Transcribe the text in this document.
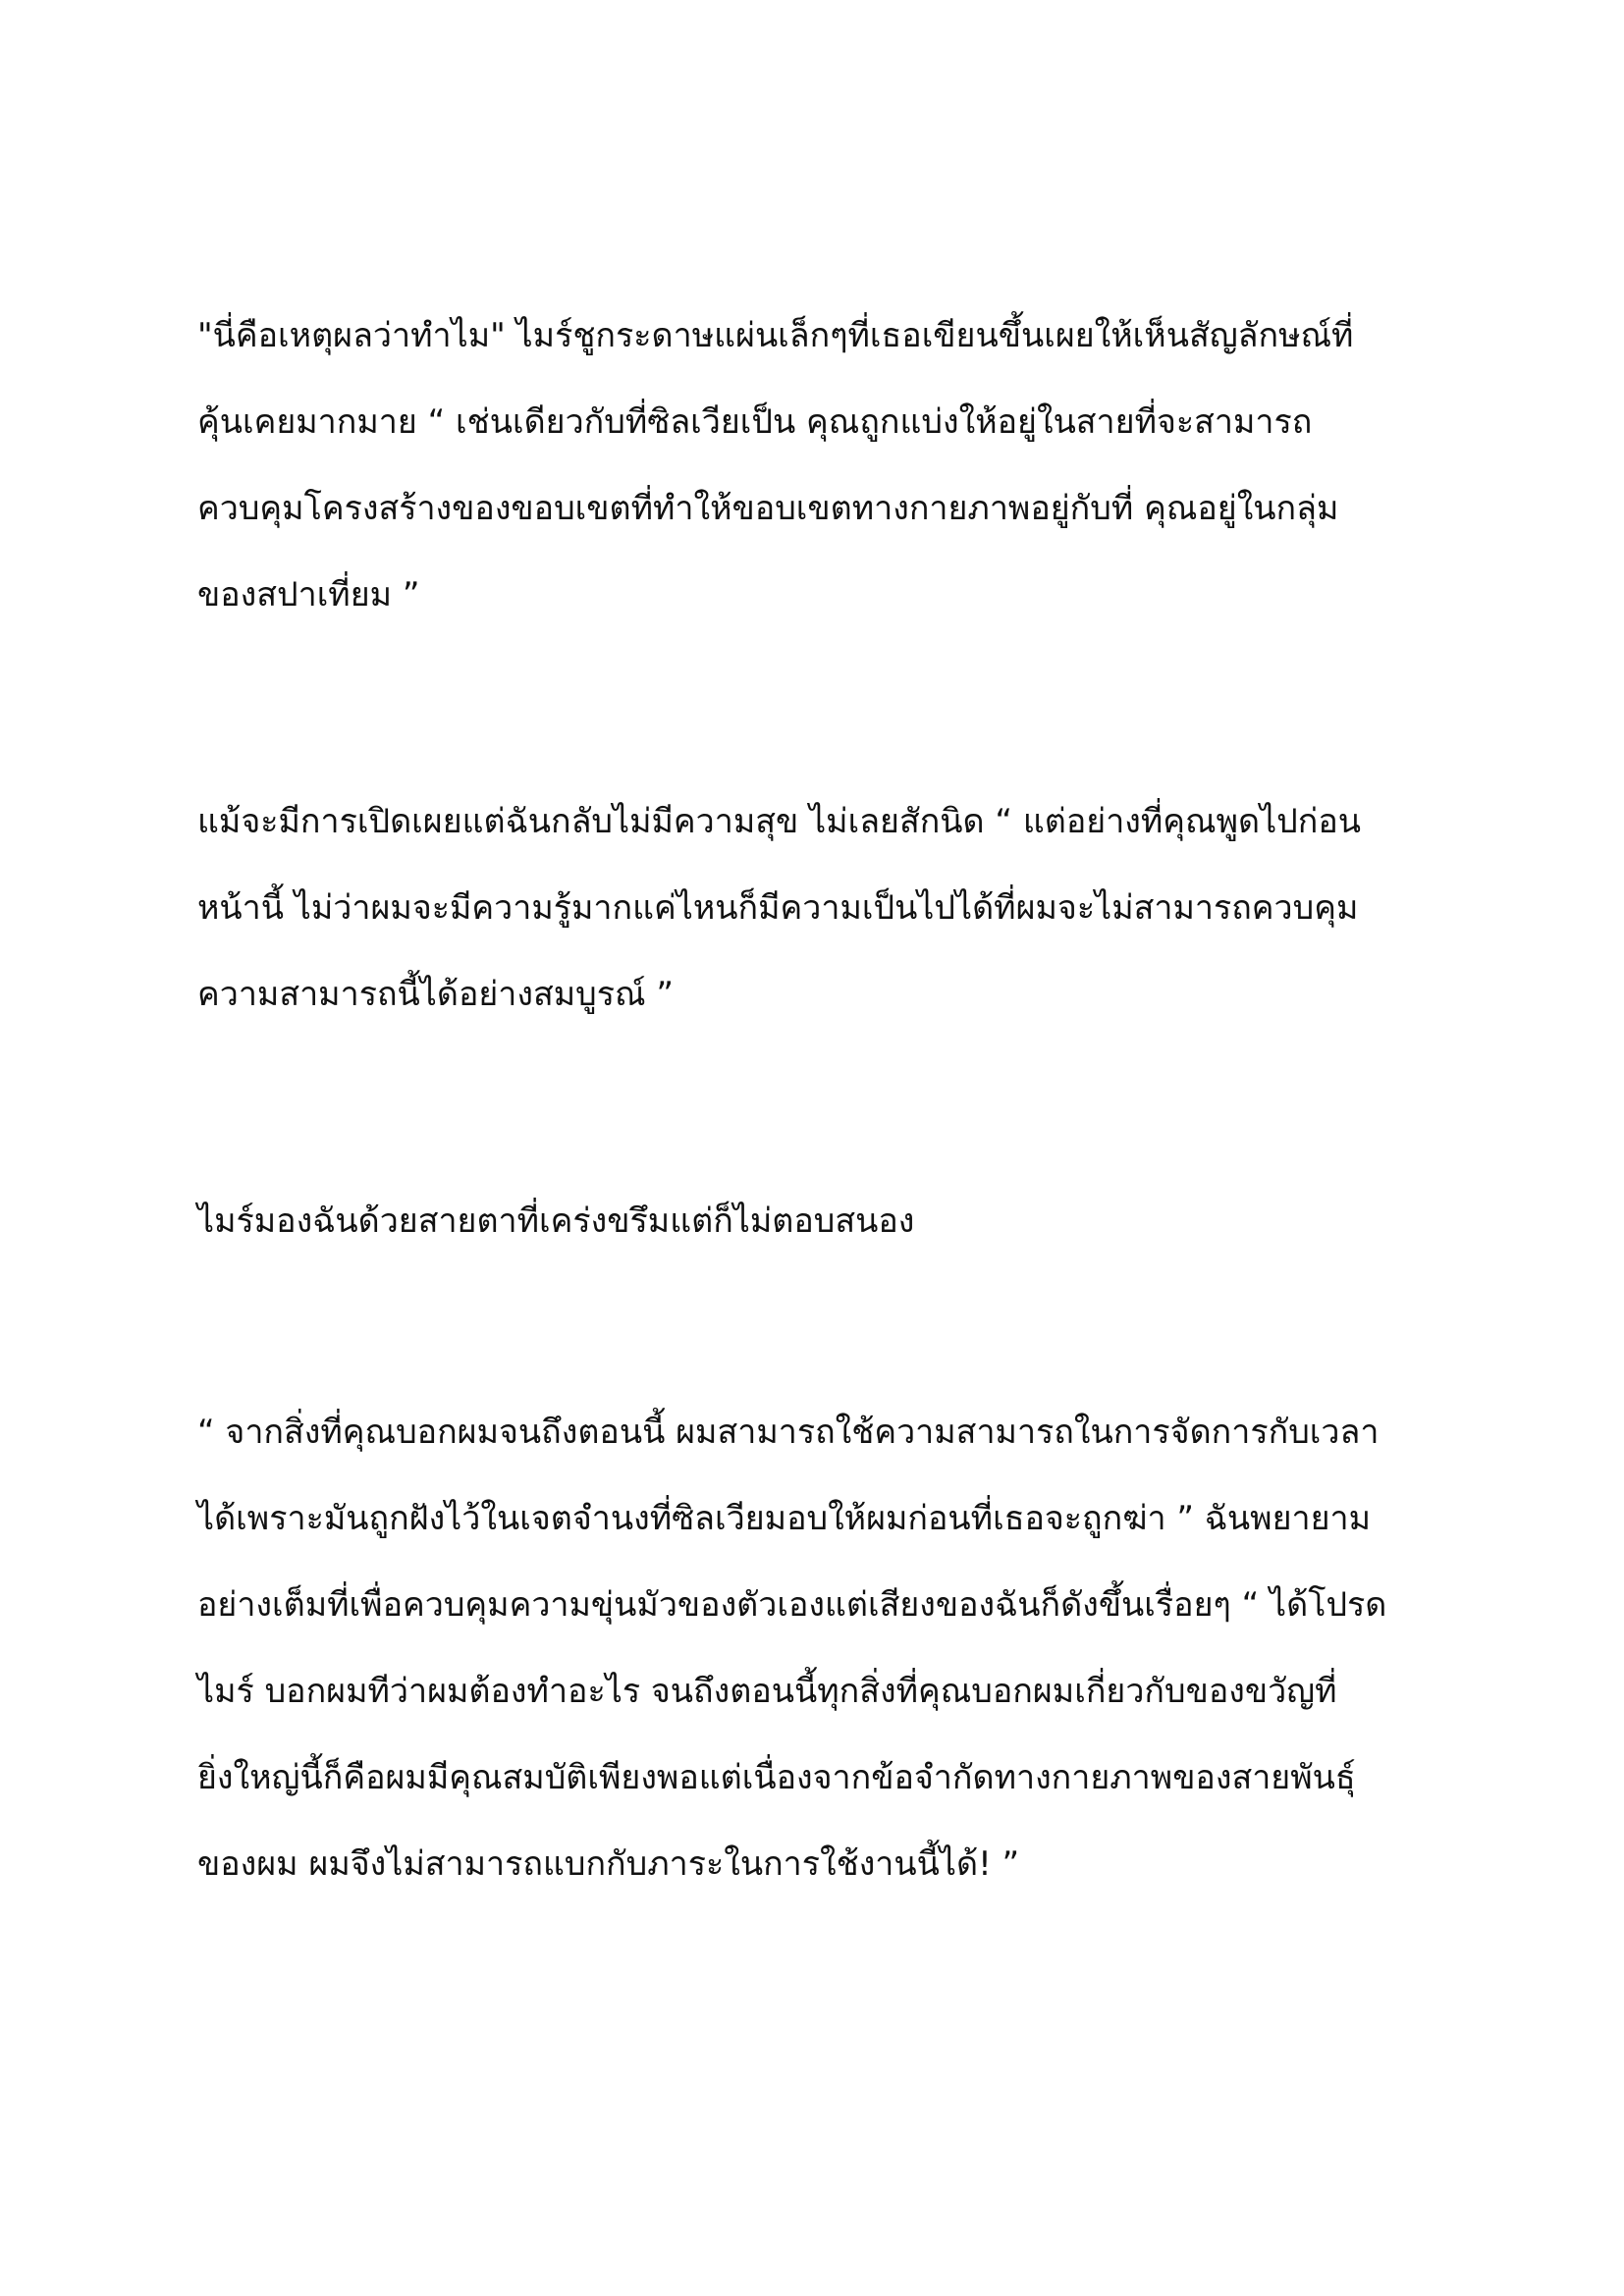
"นี่คือเหตุผลว่าทำไม" ไมร์ชูกระดาษแผ่นเล็กๆที่เธอเขียนขึ้นเผยให้เห็นสัญลักษณ์ที่
คุ้นเคยมากมาย “ เช่นเดียวกับที่ซิลเวียเป็น คุณถูกแบ่งให้อยู่ในสายที่จะสามารถ
ควบคุมโครงสร้างของขอบเขตที่ทำให้ขอบเขตทางกายภาพอยู่กับที่ คุณอยู่ในกลุ่ม
ของสปาเที่ยม ”
แม้จะมีการเปิดเผยแต่ฉันกลับไม่มีความสุข ไม่เลยสักนิด “ แต่อย่างที่คุณพูดไปก่อน
หน้านี้ ไม่ว่าผมจะมีความรู้มากแค่ไหนก็มีความเป็นไปได้ที่ผมจะไม่สามารถควบคุม
ความสามารถนี้ได้อย่างสมบูรณ์ ”
ไมร์มองฉันด้วยสายตาที่เคร่งขรึมแต่ก็ไม่ตอบสนอง
“ จากสิ่งที่คุณบอกผมจนถึงตอนนี้ ผมสามารถใช้ความสามารถในการจัดการกับเวลา
ได้เพราะมันถูกฝังไว้ในเจตจำนงที่ซิลเวียมอบให้ผมก่อนที่เธอจะถูกฆ่า ” ฉันพยายาม
อย่างเต็มที่เพื่อควบคุมความขุ่นมัวของตัวเองแต่เสียงของฉันก็ดังขึ้นเรื่อยๆ “ ได้โปรด
ไมร์ บอกผมทีว่าผมต้องทำอะไร จนถึงตอนนี้ทุกสิ่งที่คุณบอกผมเกี่ยวกับของขวัญที่
ยิ่งใหญ่นี้ก็คือผมมีคุณสมบัติเพียงพอแต่เนื่องจากข้อจำกัดทางกายภาพของสายพันธุ์
ของผม ผมจึงไม่สามารถแบกกับภาระในการใช้งานนี้ได้! ”
